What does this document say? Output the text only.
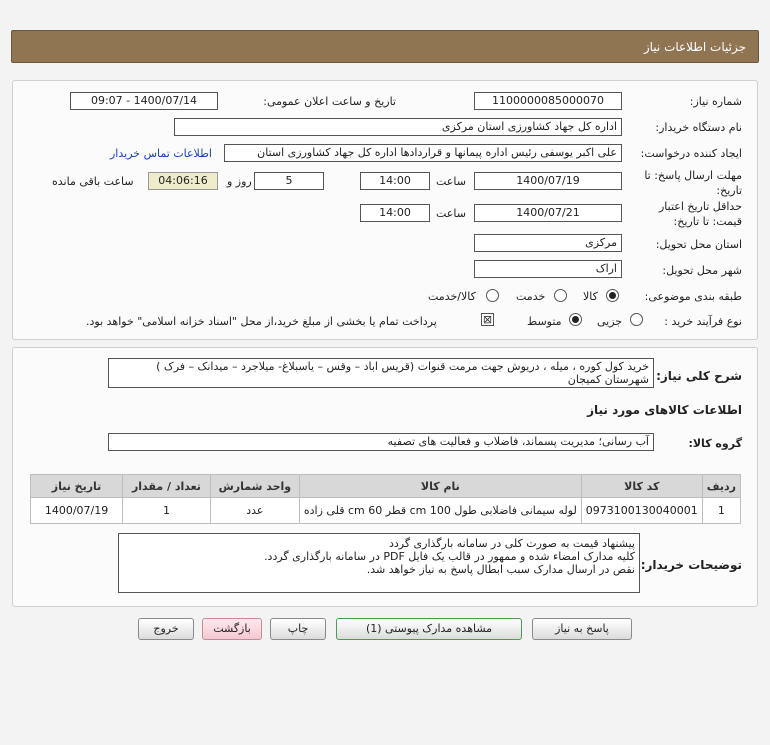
جزئیات اطلاعات نیاز
شماره نیاز:
1100000085000070
تاریخ و ساعت اعلان عمومی:
1400/07/14 - 09:07
نام دستگاه خریدار:
اداره کل جهاد کشاورزی استان مرکزی
ایجاد کننده درخواست:
علی اکبر یوسفی رئیس اداره پیمانها و قراردادها اداره کل جهاد کشاورزی استان
اطلاعات تماس خریدار
مهلت ارسال پاسخ: تا تاریخ:
1400/07/19
ساعت
14:00
5
روز و
04:06:16
ساعت باقی مانده
حداقل تاریخ اعتبار قیمت: تا تاریخ:
1400/07/21
ساعت
14:00
استان محل تحویل:
مرکزی
شهر محل تحویل:
اراک
طبقه بندی موضوعی:
کالا
خدمت
کالا/خدمت
نوع فرآیند خرید :
جزیی
متوسط
⊠
پرداخت تمام یا بخشی از مبلغ خرید،از محل "اسناد خزانه اسلامی" خواهد بود.
شرح کلی نیاز:
خرید کول کوره ، میله ، دریوش جهت مرمت قنوات (قریس اباد – وقس – یاسبلاغ- میلاجرد – میدانک – فرک ) شهرستان کمیجان
اطلاعات کالاهای مورد نیاز
گروه کالا:
آب رسانی؛ مدیریت پسماند، فاضلاب و فعالیت های تصفیه
ردیف	کد کالا	نام کالا	واحد شمارش	تعداد / مقدار	تاریخ نیاز
1	0973100130040001	لوله سیمانی فاضلابی طول 100 cm قطر 60 cm قلی زاده	عدد	1	1400/07/19
توضیحات خریدار:
پیشنهاد قیمت به صورت کلی در سامانه بارگذاری گردد
کلیه مدارک امضاء شده و ممهور در قالب یک فایل PDF در سامانه بارگذاری گردد.
نقص در ارسال مدارک سبب ابطال پاسخ به نیاز خواهد شد.
پاسخ به نیاز
مشاهده مدارک پیوستی (1)
چاپ
بازگشت
خروج
